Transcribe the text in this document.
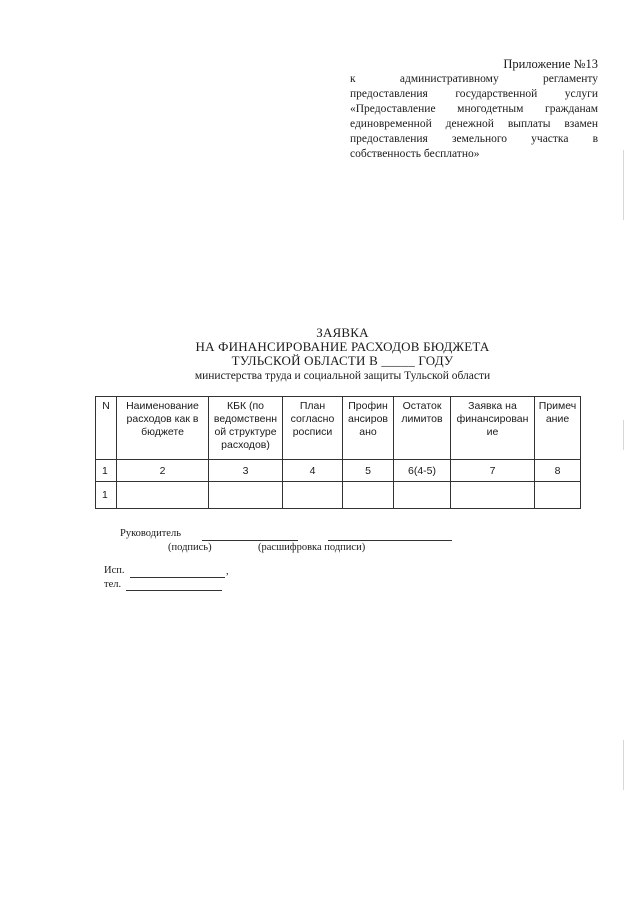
Приложение №13
к административному регламенту
предоставления государственной услуги
«Предоставление многодетным гражданам
единовременной денежной выплаты взамен
предоставления земельного участка в
собственность бесплатно»
ЗАЯВКА
НА ФИНАНСИРОВАНИЕ РАСХОДОВ БЮДЖЕТА
ТУЛЬСКОЙ ОБЛАСТИ В _____ ГОДУ
министерства труда и социальной защиты Тульской области
N	Наименование расходов как в бюджете	КБК (по ведомственн ой структуре расходов)	План согласно росписи	Профин ансиров ано	Остаток лимитов	Заявка на финансирован ие	Примеч ание
1	2	3	4	5	6(4-5)	7	8
1							
Руководитель
(подпись)	(расшифровка подписи)
Исп.	,
тел.
